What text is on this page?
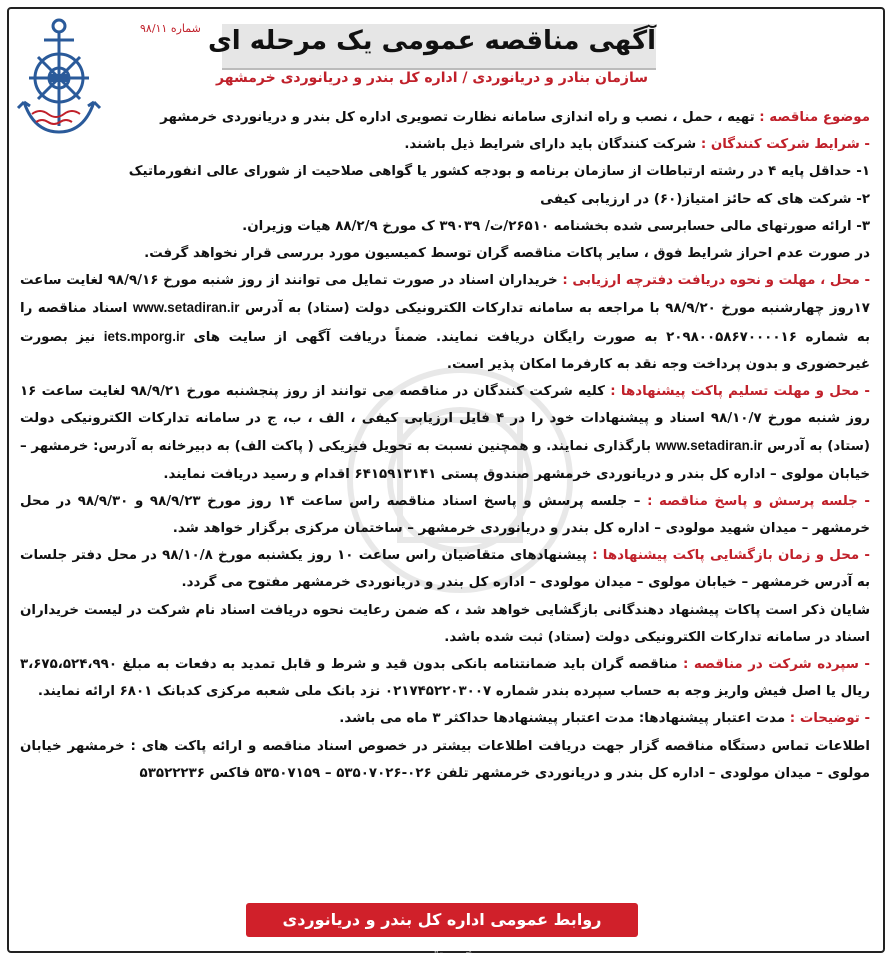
شماره ۹۸/۱۱ آگهی مناقصه عمومی یک مرحله ای
سازمان بنادر و دریانوردی / اداره کل بندر و دریانوردی خرمشهر

موضوع مناقصه : تهیه ، حمل ، نصب و راه اندازی سامانه نظارت تصویری اداره کل بندر و دریانوردی خرمشهر

- شرایط شرکت کنندگان : شرکت کنندگان باید دارای شرایط ذیل باشند.

۱- حداقل پایه ۴ در رشته ارتباطات از سازمان برنامه و بودجه کشور یا گواهی صلاحیت از شورای عالی انفورماتیک

۲- شرکت های که حائز امتیاز(۶۰) در ارزیابی کیفی

۳- ارائه صورتهای مالی حسابرسی شده بخشنامه ۲۶۵۱۰/ت/ ۳۹۰۳۹ ک مورخ ۸۸/۲/۹ هیات وزیران.

در صورت عدم احراز شرایط فوق ، سایر پاکات مناقصه گران توسط کمیسیون مورد بررسی قرار نخواهد گرفت.

- محل ، مهلت و نحوه دریافت دفترچه ارزیابی : خریداران اسناد در صورت تمایل می توانند از روز شنبه مورخ ۹۸/۹/۱۶ لغایت ساعت ۱۷روز چهارشنبه مورخ ۹۸/۹/۲۰ با مراجعه به سامانه تدارکات الکترونیکی دولت (ستاد) به آدرس www.setadiran.ir اسناد مناقصه را به شماره ۲۰۹۸۰۰۵۸۶۷۰۰۰۰۱۶ به صورت رایگان دریافت نمایند. ضمناً دریافت آگهی از سایت های iets.mporg.ir نیز بصورت غیرحضوری و بدون پرداخت وجه نقد به کارفرما امکان پذیر است.

- محل و مهلت تسلیم پاکت پیشنهادها : کلیه شرکت کنندگان در مناقصه می توانند از روز پنجشنبه مورخ ۹۸/۹/۲۱ لغایت ساعت ۱۶ روز شنبه مورخ ۹۸/۱۰/۷ اسناد و پیشنهادات خود را در ۴ فایل ارزیابی کیفی ، الف ، ب، ج در سامانه تدارکات الکترونیکی دولت (ستاد) به آدرس www.setadiran.ir بارگذاری نمایند. و همچنین نسبت به تحویل فیزیکی ( پاکت الف) به دبیرخانه به آدرس: خرمشهر – خیابان مولوی – اداره کل بندر و دریانوردی خرمشهر صندوق پستی ۶۴۱۵۹۱۳۱۴۱ اقدام و رسید دریافت نمایند.

- جلسه پرسش و پاسخ مناقصه : – جلسه پرسش و پاسخ اسناد مناقصه راس ساعت ۱۴ روز مورخ ۹۸/۹/۲۳ و ۹۸/۹/۳۰ در محل خرمشهر – میدان شهید مولودی – اداره کل بندر و دریانوردی خرمشهر – ساختمان مرکزی برگزار خواهد شد.

- محل و زمان بازگشایی پاکت پیشنهادها : پیشنهادهای متقاضیان راس ساعت ۱۰ روز یکشنبه مورخ ۹۸/۱۰/۸ در محل دفتر جلسات به آدرس خرمشهر – خیابان مولوی – میدان مولودی – اداره کل بندر و دریانوردی خرمشهر مفتوح می گردد.

شایان ذکر است پاکات پیشنهاد دهندگانی بازگشایی خواهد شد ، که ضمن رعایت نحوه دریافت اسناد نام شرکت در لیست خریداران اسناد در سامانه تدارکات الکترونیکی دولت (ستاد) ثبت شده باشد.

- سپرده شرکت در مناقصه : مناقصه گران باید ضمانتنامه بانکی بدون قید و شرط و قابل تمدید به دفعات به مبلغ ۳،۶۷۵،۵۲۴،۹۹۰ ریال یا اصل فیش واریز وجه به حساب سپرده بندر شماره ۰۲۱۷۴۵۲۲۰۳۰۰۷ نزد بانک ملی شعبه مرکزی کدبانک ۶۸۰۱ ارائه نمایند.

- توضیحات : مدت اعتبار پیشنهادها: مدت اعتبار پیشنهادها حداکثر ۳ ماه می باشد.

اطلاعات تماس دستگاه مناقصه گزار جهت دریافت اطلاعات بیشتر در خصوص اسناد مناقصه و ارائه پاکت های : خرمشهر خیابان مولوی – میدان مولودی – اداره کل بندر و دریانوردی خرمشهر تلفن ۰۲۶-۵۳۵۰۷۰۲۶ – ۵۳۵۰۷۱۵۹ فاکس ۵۳۵۲۲۲۳۶

روابط عمومی اداره کل بندر و دریانوردی خرمشهر
